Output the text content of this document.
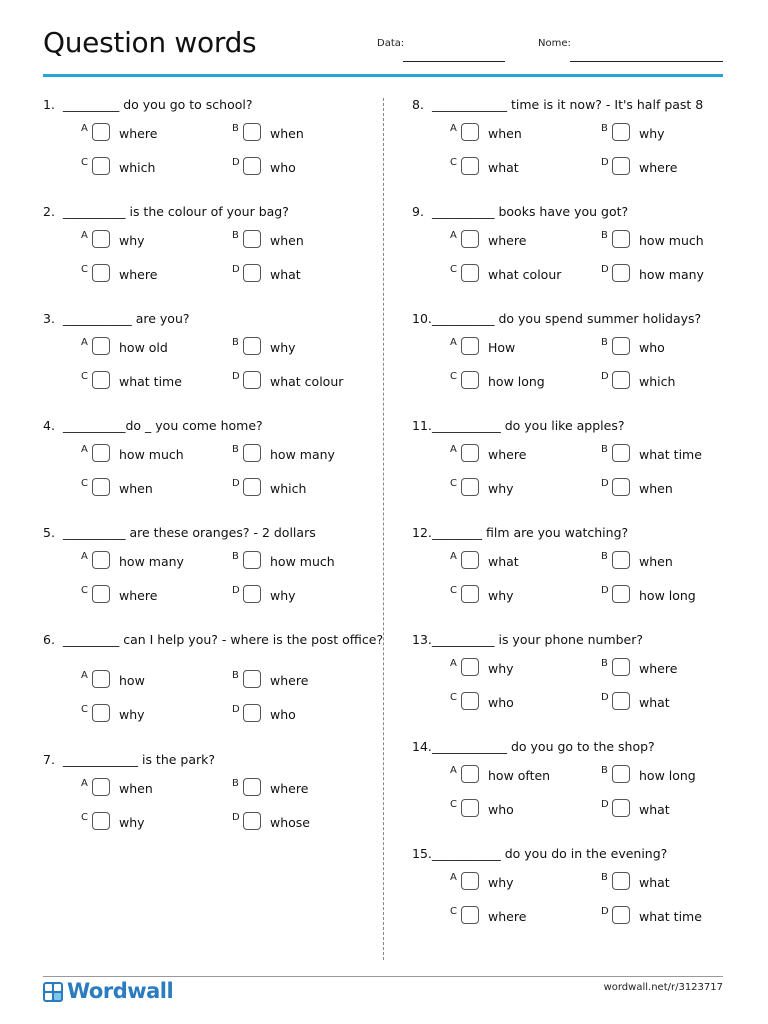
Question words	Data:	Nome:
1. _________ do you go to school?
A where	B when
C which	D who
2. __________ is the colour of your bag?
A why	B when
C where	D what
3. ___________ are you?
A how old	B why
C what time	D what colour
4. __________do _ you come home?
A how much	B how many
C when	D which
5. __________ are these oranges? - 2 dollars
A how many	B how much
C where	D why
6. _________ can I help you? - where is the post office?
A how	B where
C why	D who
7. ____________ is the park?
A when	B where
C why	D whose
8. ____________ time is it now? - It's half past 8
A when	B why
C what	D where
9. __________ books have you got?
A where	B how much
C what colour	D how many
10.__________ do you spend summer holidays?
A How	B who
C how long	D which
11.___________ do you like apples?
A where	B what time
C why	D when
12.________ film are you watching?
A what	B when
C why	D how long
13.__________ is your phone number?
A why	B where
C who	D what
14.____________ do you go to the shop?
A how often	B how long
C who	D what
15.___________ do you do in the evening?
A why	B what
C where	D what time
Wordwall	wordwall.net/r/3123717
